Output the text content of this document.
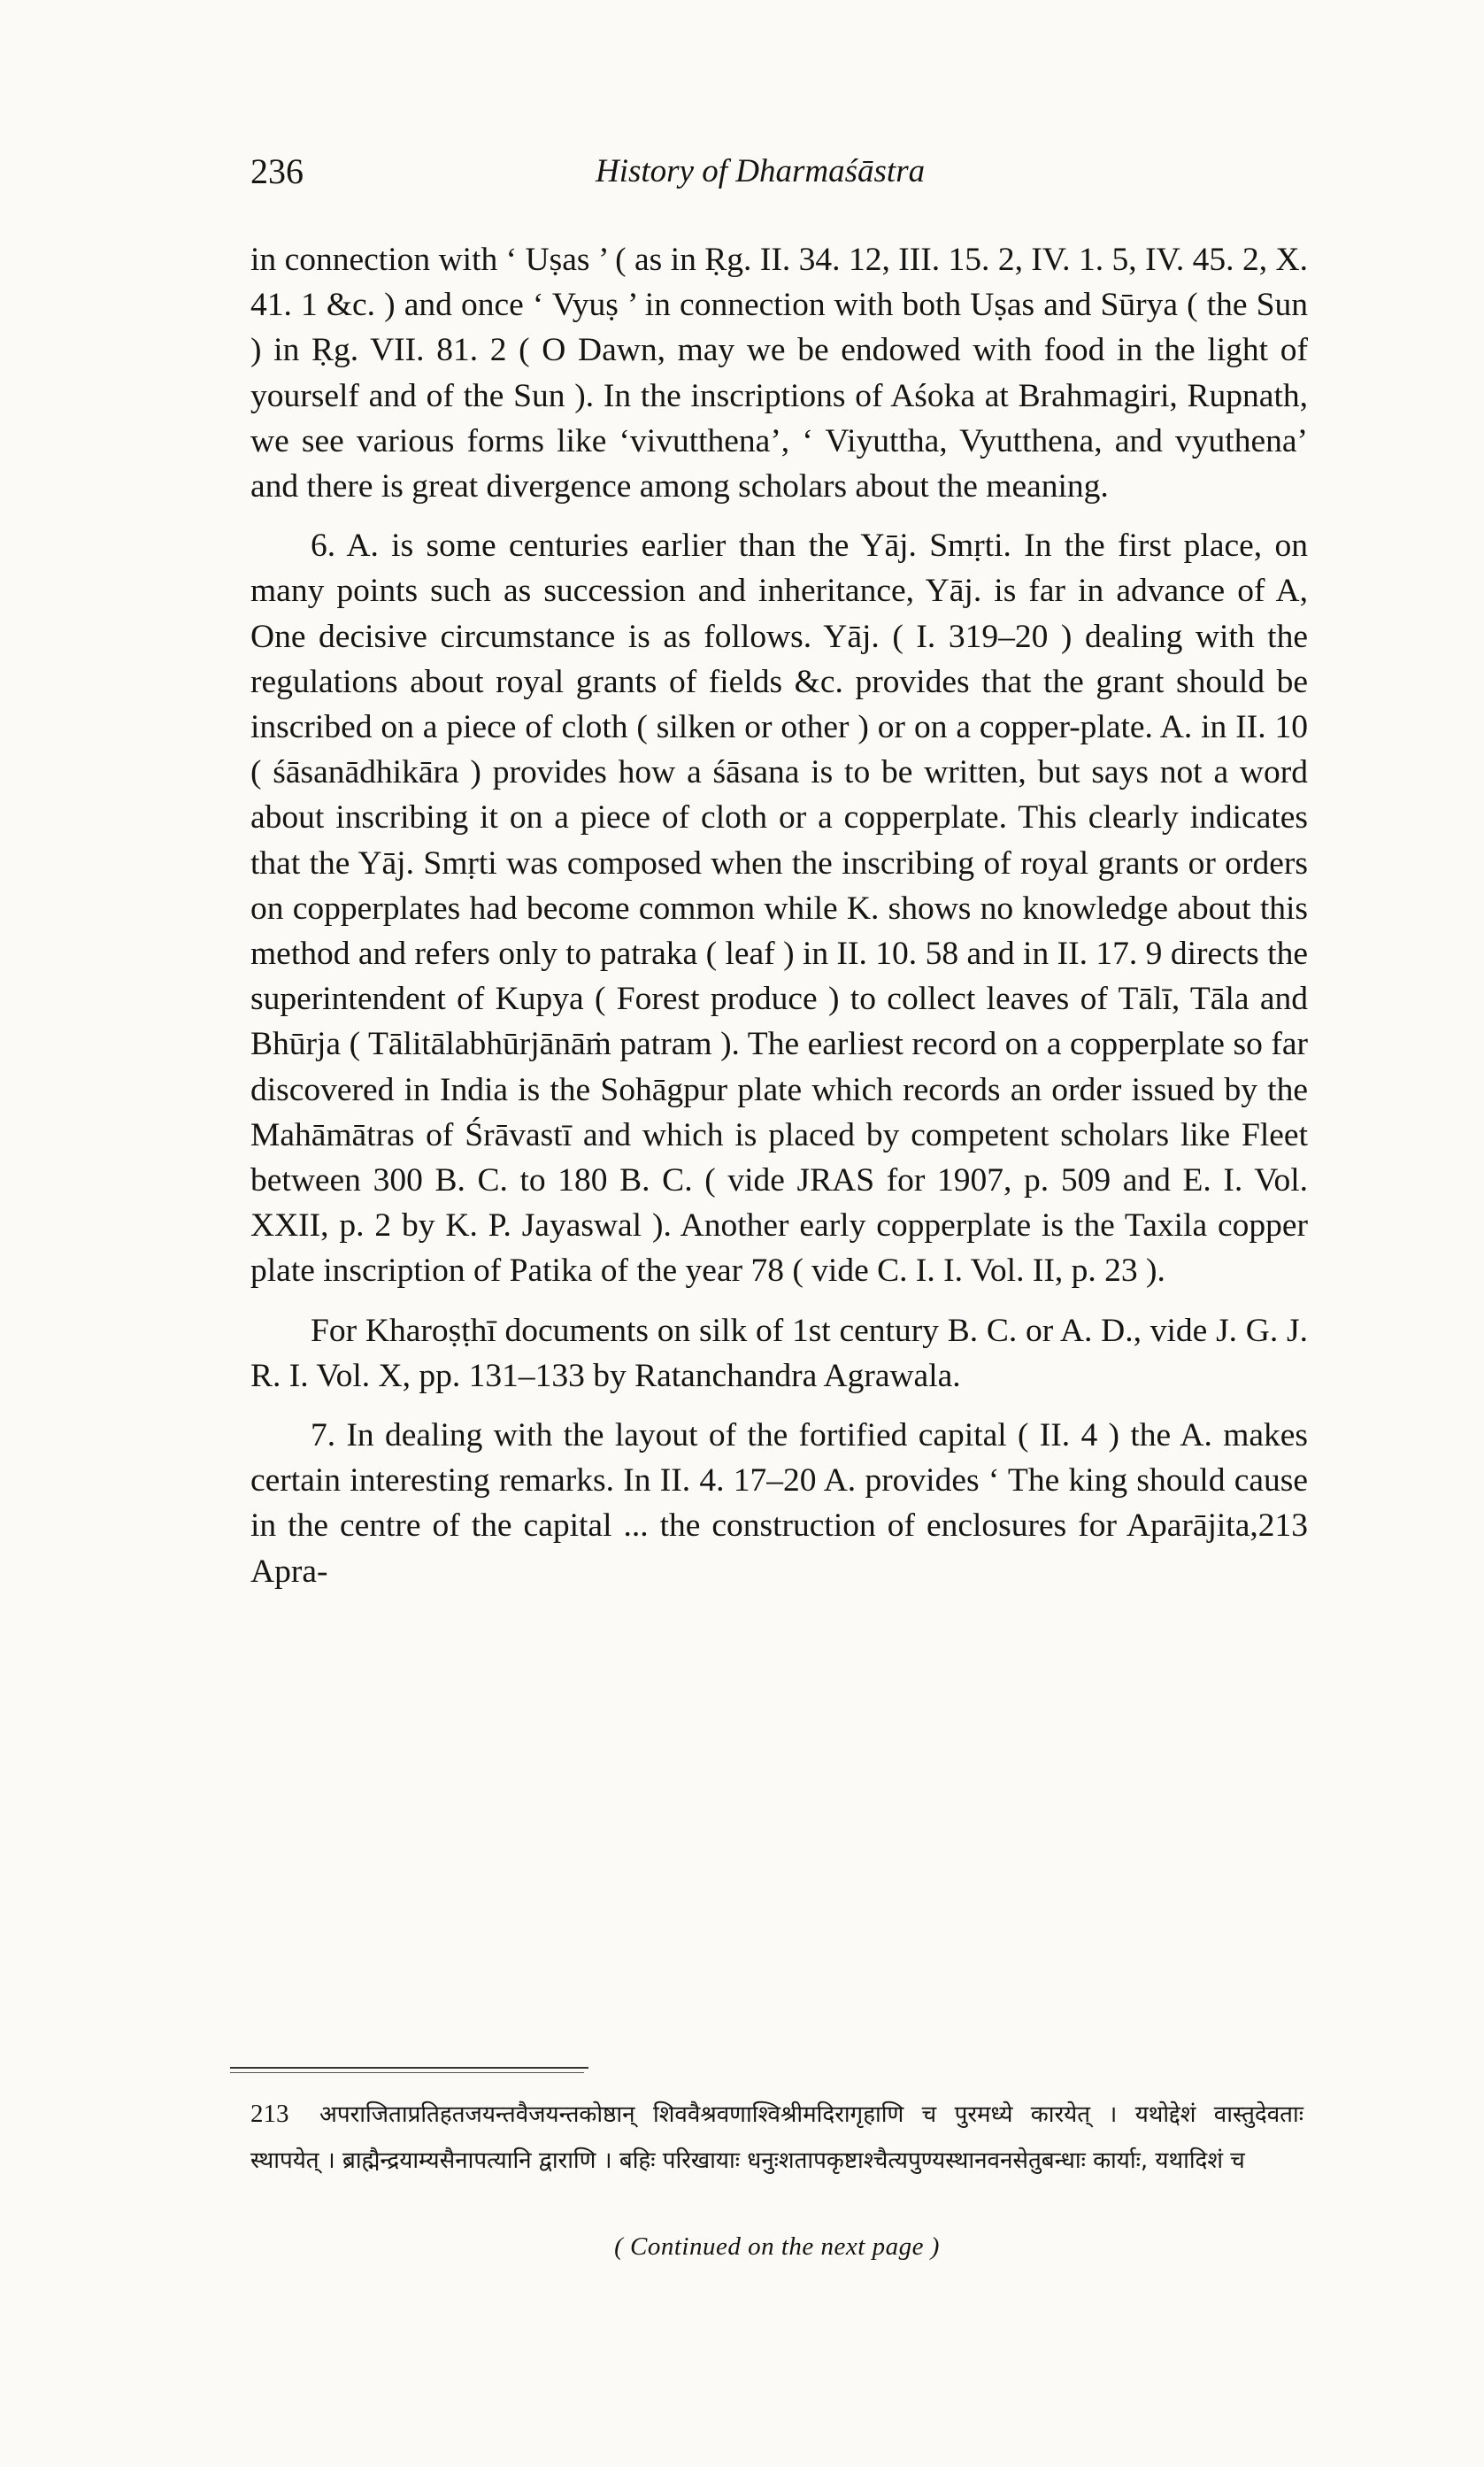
236	History of Dharmaśāstra

in connection with ‘ Uṣas ’ ( as in Ṛg. II. 34. 12, III. 15. 2, IV. 1. 5, IV. 45. 2, X. 41. 1 &c. ) and once ‘ Vyuṣ ’ in connection with both Uṣas and Sūrya ( the Sun ) in Ṛg. VII. 81. 2 ( O Dawn, may we be endowed with food in the light of yourself and of the Sun ). In the inscriptions of Aśoka at Brahmagiri, Rupnath, we see various forms like ‘vivutthena’, ‘ Viyuttha, Vyutthena, and vyuthena’ and there is great divergence among scholars about the meaning.

6. A. is some centuries earlier than the Yāj. Smṛti. In the first place, on many points such as succession and inheritance, Yāj. is far in advance of A, One decisive circumstance is as follows. Yāj. ( I. 319–20 ) dealing with the regulations about royal grants of fields &c. provides that the grant should be inscribed on a piece of cloth ( silken or other ) or on a copper-plate. A. in II. 10 ( śāsanādhikāra ) provides how a śāsana is to be written, but says not a word about inscribing it on a piece of cloth or a copperplate. This clearly indicates that the Yāj. Smṛti was composed when the inscribing of royal grants or orders on copperplates had become common while K. shows no knowledge about this method and refers only to patraka ( leaf ) in II. 10. 58 and in II. 17. 9 directs the superintendent of Kupya ( Forest produce ) to collect leaves of Tālī, Tāla and Bhūrja ( Tālitālabhūrjānāṁ patram ). The earliest record on a copperplate so far discovered in India is the Sohāgpur plate which records an order issued by the Mahāmātras of Śrāvastī and which is placed by competent scholars like Fleet between 300 B. C. to 180 B. C. ( vide JRAS for 1907, p. 509 and E. I. Vol. XXII, p. 2 by K. P. Jayaswal ). Another early copperplate is the Taxila copper plate inscription of Patika of the year 78 ( vide C. I. I. Vol. II, p. 23 ).

For Kharoṣṭhī documents on silk of 1st century B. C. or A. D., vide J. G. J. R. I. Vol. X, pp. 131–133 by Ratanchandra Agrawala.

7. In dealing with the layout of the fortified capital ( II. 4 ) the A. makes certain interesting remarks. In II. 4. 17–20 A. provides ‘ The king should cause in the centre of the capital ... the construction of enclosures for Aparājita,213 Apra-

213 अपराजिताप्रतिहतजयन्तवैजयन्तकोष्ठान् शिववैश्रवणाश्विश्रीमदिरागृहाणि च पुरमध्ये कारयेत् । यथोद्देशं वास्तुदेवताः स्थापयेत् । ब्राह्मैन्द्रयाम्यसैनापत्यानि द्वाराणि । बहिः परिखायाः धनुःशतापकृष्टाश्चैत्यपुण्यस्थानवनसेतुबन्धाः कार्याः, यथादिशं च
( Continued on the next page )
